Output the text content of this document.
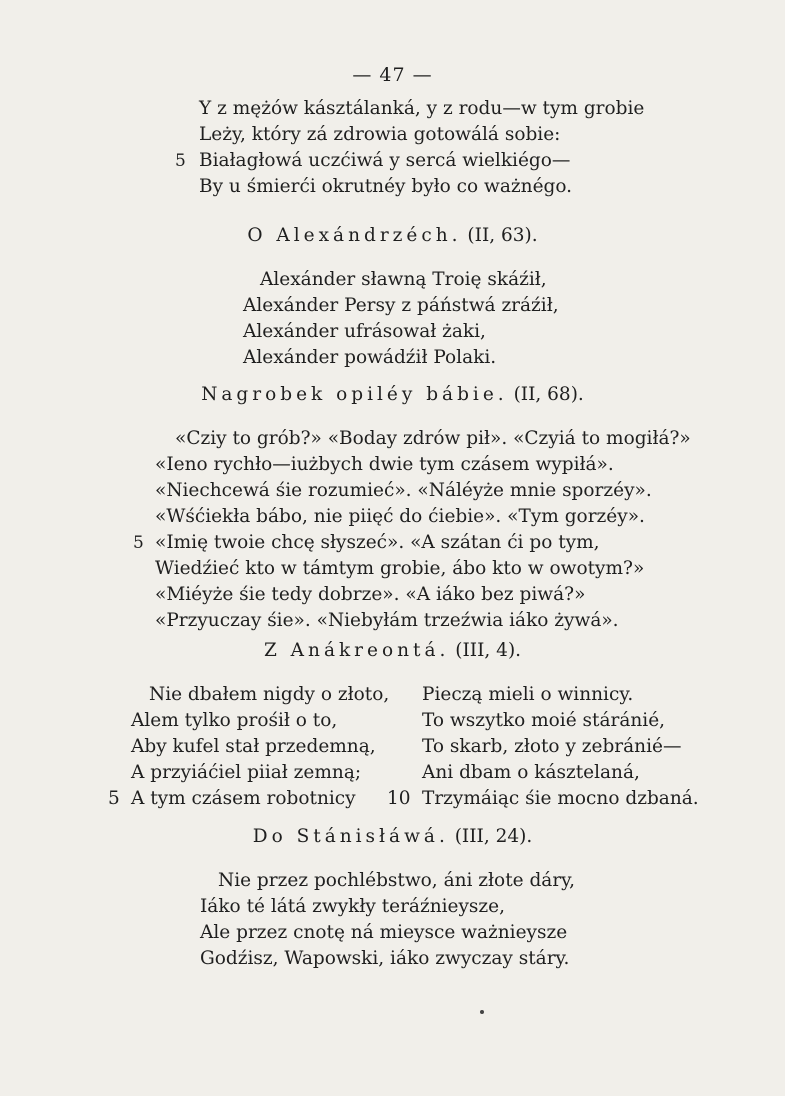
— 47 —
Y z mężów kásztálanká, y z rodu—w tym grobie
Leży, który zá zdrowia gotowálá sobie:
5 Białagłowá uczćiwá y sercá wielkiégo—
By u śmierći okrutnéy było co ważnégo.
O Alexándrzéch. (II, 63).
Alexánder sławną Troię skáźił,
Alexánder Persy z páństwá zráźił,
Alexánder ufrásował żaki,
Alexánder powádźił Polaki.
Nagrobek opiléy bábie. (II, 68).
«Cziy to grób?» «Boday zdrów pił». «Czyiá to mogiłá?»
«Ieno rychło—iużbych dwie tym czásem wypiłá».
«Niechcewá śie rozumieć». «Náléyże mnie sporzéy».
«Wśćiekła bábo, nie piięć do ćiebie». «Tym gorzéy».
5 «Imię twoie chcę słyszeć». «A szátan ći po tym,
Wiedźieć kto w támtym grobie, ábo kto w owotym?»
«Miéyże śie tedy dobrze». «A iáko bez piwá?»
«Przyuczay śie». «Niebyłám trzeźwia iáko żywá».
Z Anákreontá. (III, 4).
Nie dbałem nigdy o złoto,
Alem tylko prośił o to,
Aby kufel stał przedemną,
A przyiáćiel piiał zemną;
5 A tym czásem robotnicy
Pieczą mieli o winnicy.
To wszytko moié stáránié,
To skarb, złoto y zebránié—
Ani dbam o kásztelaná,
10 Trzymáiąc śie mocno dzbaná.
Do Stánisłáwá. (III, 24).
Nie przez pochlébstwo, áni złote dáry,
Iáko té látá zwykły teráźnieysze,
Ale przez cnotę ná mieysce ważnieysze
Godźisz, Wapowski, iáko zwyczay stáry.
